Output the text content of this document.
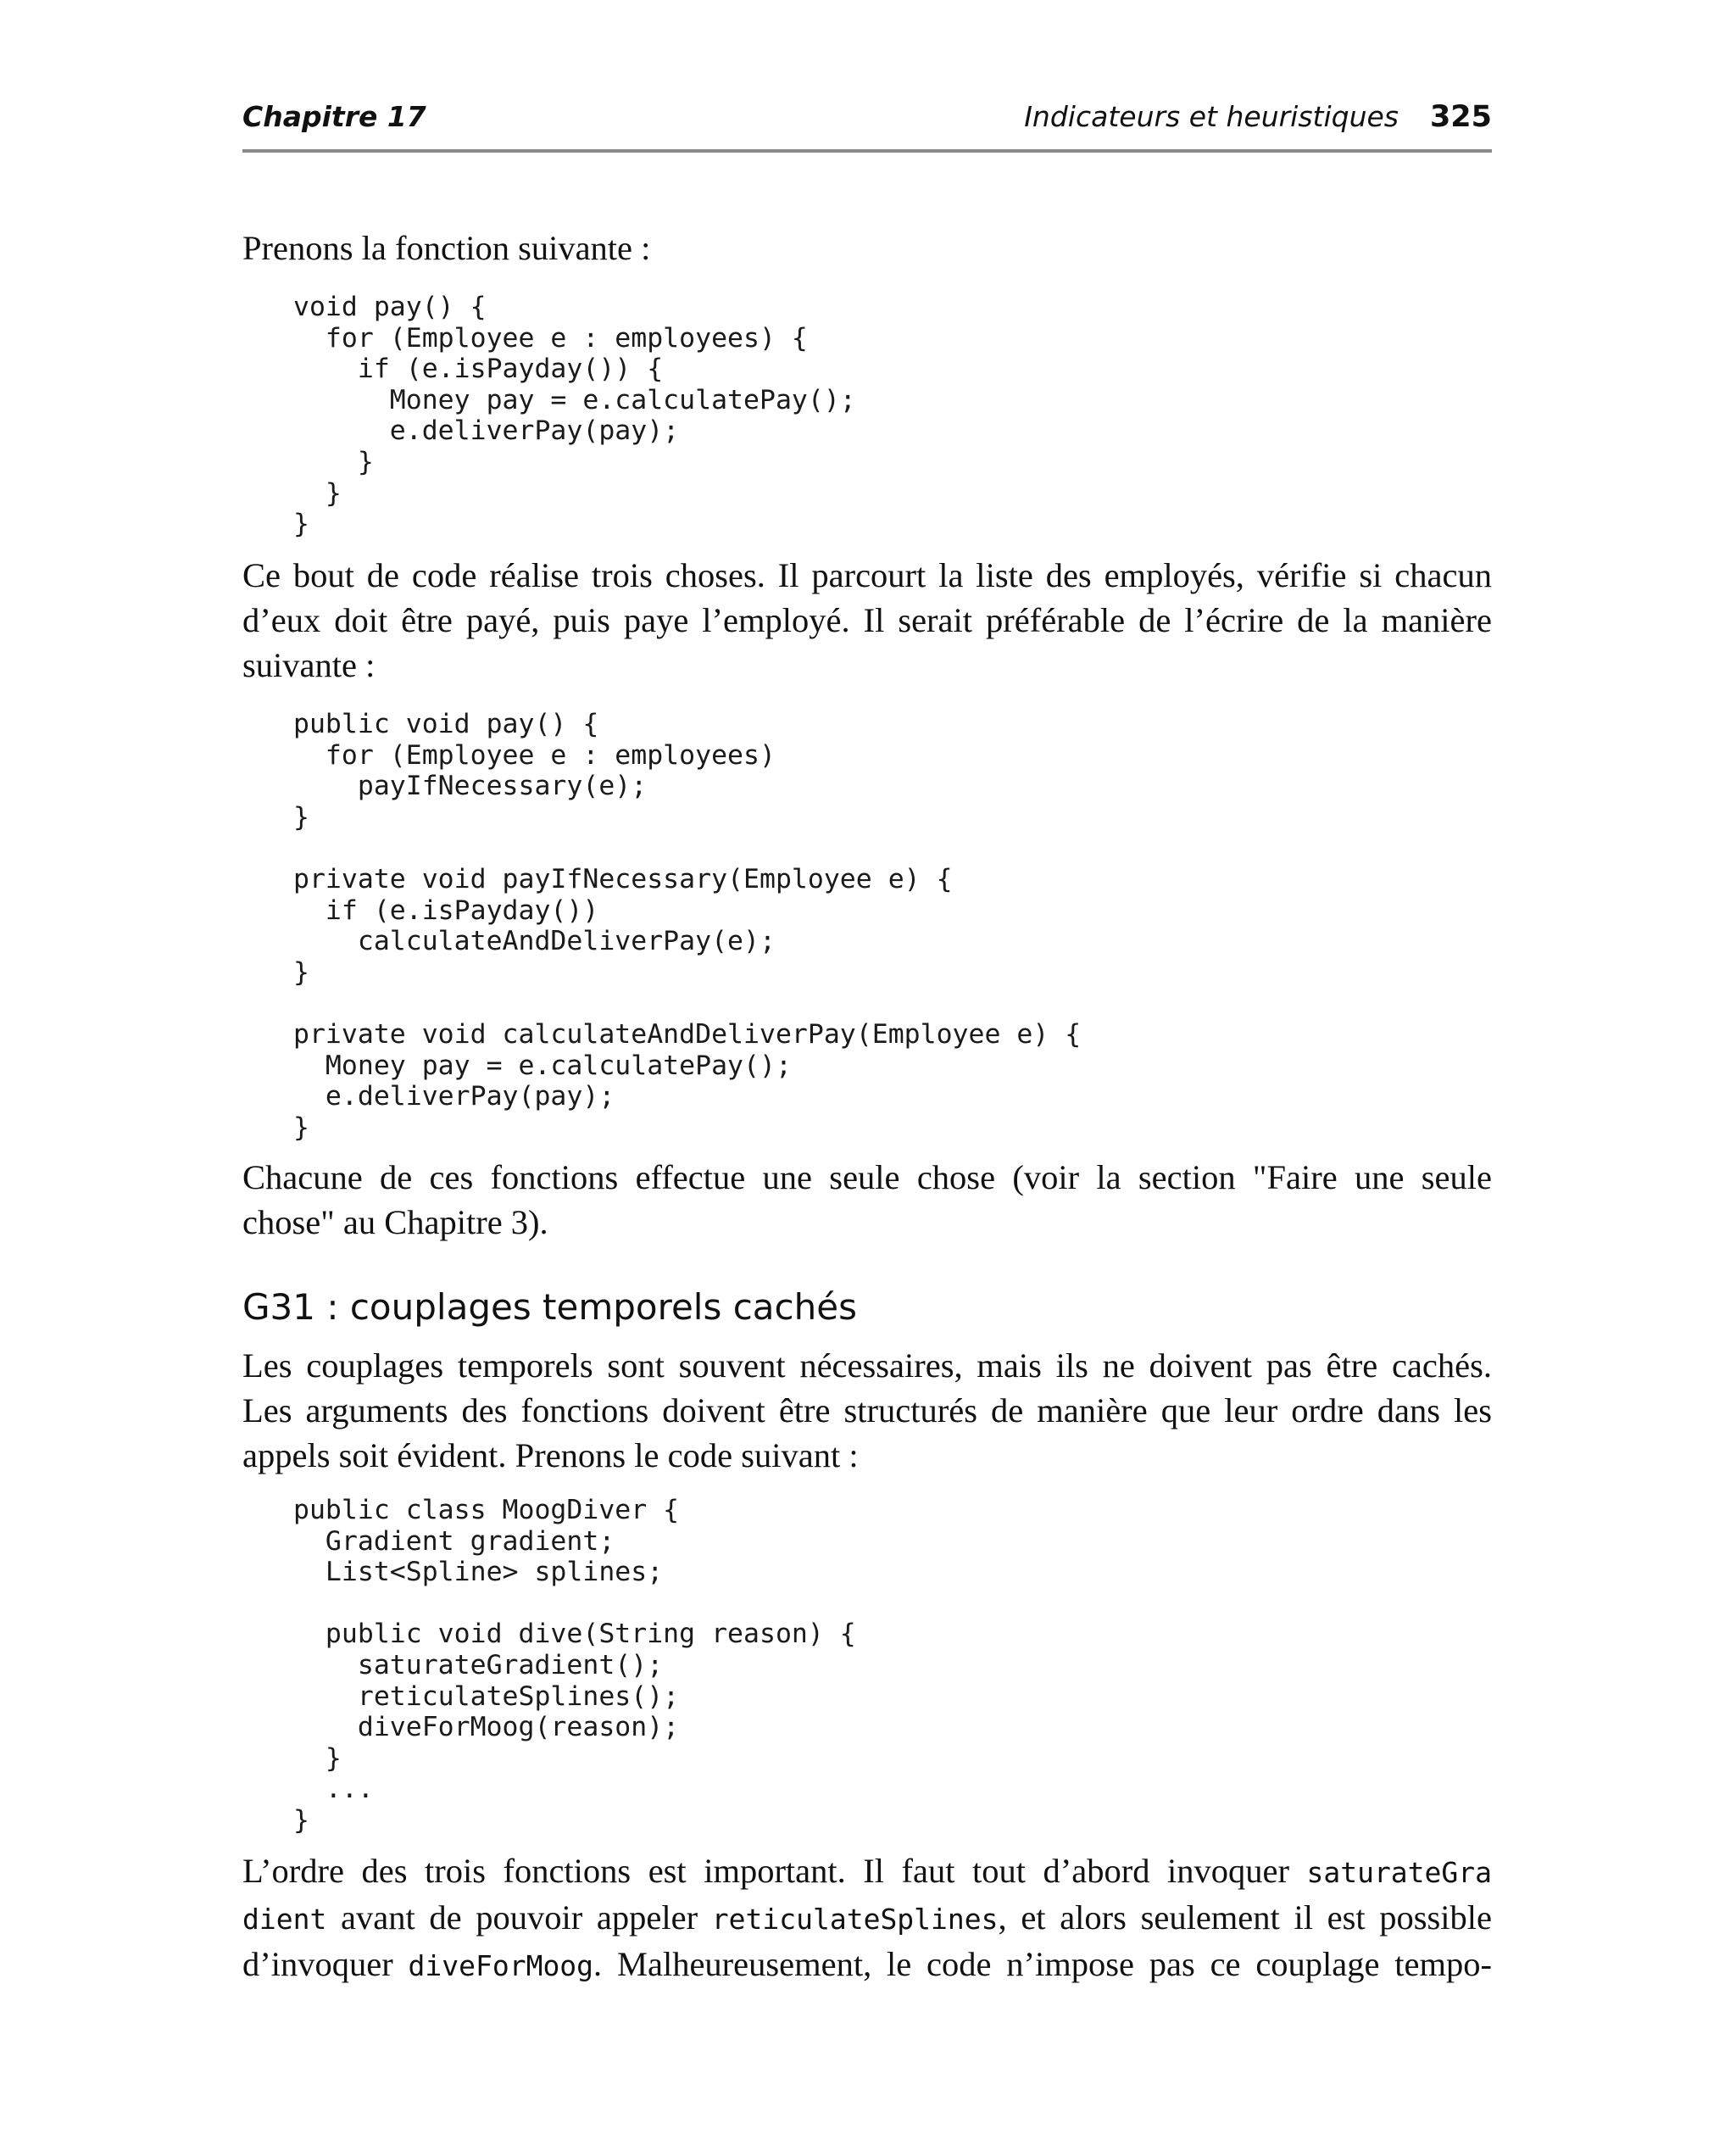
Chapitre 17	Indicateurs et heuristiques 325
Prenons la fonction suivante :
void pay() {
for (Employee e : employees) {
if (e.isPayday()) {
Money pay = e.calculatePay();
e.deliverPay(pay);
}
}
}
Ce bout de code réalise trois choses. Il parcourt la liste des employés, vérifie si chacun
d’eux doit être payé, puis paye l’employé. Il serait préférable de l’écrire de la manière
suivante :
public void pay() {
for (Employee e : employees)
payIfNecessary(e);
}

private void payIfNecessary(Employee e) {
if (e.isPayday())
calculateAndDeliverPay(e);
}

private void calculateAndDeliverPay(Employee e) {
Money pay = e.calculatePay();
e.deliverPay(pay);
}
Chacune de ces fonctions effectue une seule chose (voir la section "Faire une seule
chose" au Chapitre 3).
G31 : couplages temporels cachés
Les couplages temporels sont souvent nécessaires, mais ils ne doivent pas être cachés.
Les arguments des fonctions doivent être structurés de manière que leur ordre dans les
appels soit évident. Prenons le code suivant :
public class MoogDiver {
Gradient gradient;
List<Spline> splines;

public void dive(String reason) {
saturateGradient();
reticulateSplines();
diveForMoog(reason);
}
...
}
L’ordre des trois fonctions est important. Il faut tout d’abord invoquer saturateGra
dient avant de pouvoir appeler reticulateSplines, et alors seulement il est possible
d’invoquer diveForMoog. Malheureusement, le code n’impose pas ce couplage tempo-
